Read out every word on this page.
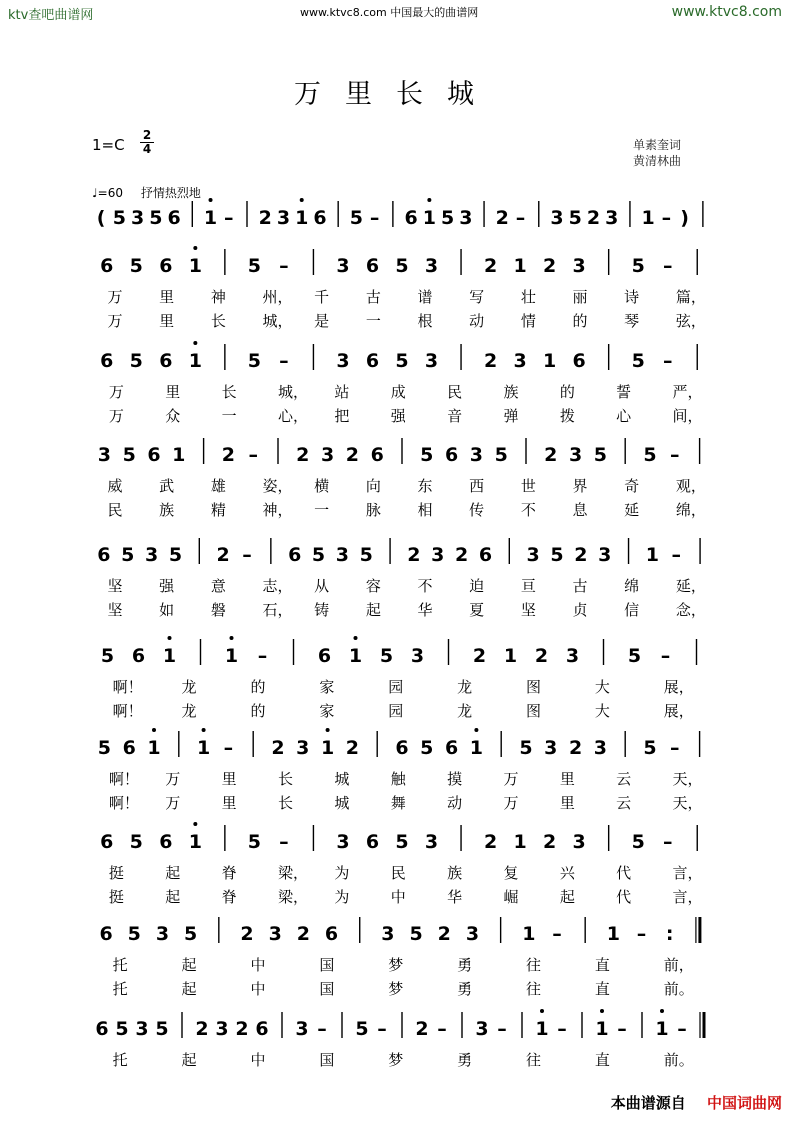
ktv查吧曲谱网	www.ktvc8.com 中国最大的曲谱网	www.ktvc8.com
万里长城
1=C
2
4	单素奎词
黄清林曲
♩=60 抒情热烈地
( 5 3 5 6 1 – 2 3 1 6 5 – 6 1 5 3 2 – 3 5 2 3 1 – )
6 5 6 1 5 –	3 6 5 3 2 1 2 3 5 –
万 里 神 州， 千 古 谱 写 壮 丽 诗 篇，
万 里 长 城， 是 一 根 动 情 的 琴 弦，
6 5 6 1 5 –	3 6 5 3 2 3 1 6 5 –
万	里	长	城， 站	成	民	族	的	誓	严，
万	众	一	心， 把	强	音	弹	拨	心	间，
3 5 6 1 2 – 2 3 2 6 5 6 3 5 2 3 5 5 –
威 武 雄 姿， 横 向 东 西 世 界 奇 观，
民 族 精 神， 一 脉 相 传 不 息 延 绵，
6 5 3 5 2 – 6 5 3 5 2 3 2 6 3 5 2 3 1 –
坚 强 意 志， 从 容 不 迫 亘 古 绵 延，
坚 如 磐 石， 铸 起 华 夏 坚 贞 信 念，
5 6 1	1 –	6 1 5 3	2 1 2 3	5 –
啊！	龙	的	家	园	龙	图	大	展，
啊！	龙	的	家	园	龙	图	大	展，
5 6 1 1 – 2 3 1 2 6 5 6 1 5 3 2 3 5 –
啊！ 万	里	长	城	触	摸	万	里	云	天，
啊！ 万	里	长	城	舞	动	万	里	云	天，
6 5 6 1 5 –	3 6 5 3 2 1 2 3 5 –
挺	起	脊	梁， 为	民	族	复	兴	代	言，
挺	起	脊	梁， 为	中	华	崛	起	代	言，
6 5 3 5 2 3 2 6 3 5 2 3 1 – 1 – :
托	起	中	国	梦	勇	往	直	前，
托	起	中	国	梦	勇	往	直	前。
6 5 3 5 2 3 2 6 3 – 5 – 2 – 3 – 1 – 1 – 1 –
托	起	中	国	梦	勇	往	直	前。
本曲谱源自 中国词曲网
